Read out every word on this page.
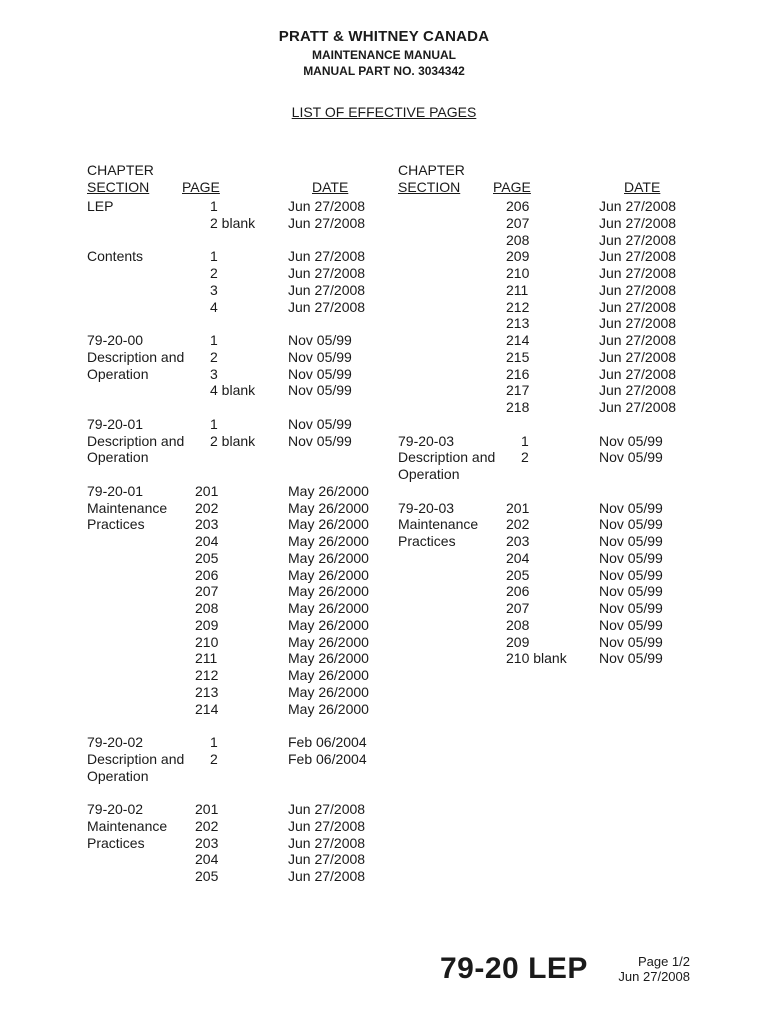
PRATT & WHITNEY CANADA
MAINTENANCE MANUAL
MANUAL PART NO. 3034342
LIST OF EFFECTIVE PAGES
CHAPTER
SECTION PAGE	DATE
LEP	1	Jun 27/2008
2 blank Jun 27/2008
Contents	1	Jun 27/2008
2	Jun 27/2008
3	Jun 27/2008
4	Jun 27/2008
79-20-00	1	Nov 05/99
Description and 2	Nov 05/99
Operation	3	Nov 05/99
4 blank Nov 05/99
79-20-01	1	Nov 05/99
Description and 2 blank Nov 05/99
Operation
79-20-01	201	May 26/2000
Maintenance 202	May 26/2000
Practices	203	May 26/2000
204	May 26/2000
205	May 26/2000
206	May 26/2000
207	May 26/2000
208	May 26/2000
209	May 26/2000
210	May 26/2000
211	May 26/2000
212	May 26/2000
213	May 26/2000
214	May 26/2000
79-20-02	1	Feb 06/2004
Description and 2	Feb 06/2004
Operation
79-20-02	201	Jun 27/2008
Maintenance 202	Jun 27/2008
Practices	203	Jun 27/2008
204	Jun 27/2008
205	Jun 27/2008
CHAPTER
SECTION PAGE	DATE
206	Jun 27/2008
207	Jun 27/2008
208	Jun 27/2008
209	Jun 27/2008
210	Jun 27/2008
211	Jun 27/2008
212	Jun 27/2008
213	Jun 27/2008
214	Jun 27/2008
215	Jun 27/2008
216	Jun 27/2008
217	Jun 27/2008
218	Jun 27/2008
79-20-03	1	Nov 05/99
Description and 2	Nov 05/99
Operation
79-20-03	201	Nov 05/99
Maintenance 202	Nov 05/99
Practices	203	Nov 05/99
204	Nov 05/99
205	Nov 05/99
206	Nov 05/99
207	Nov 05/99
208	Nov 05/99
209	Nov 05/99
210 blank Nov 05/99
79-20 LEP	Page 1/2
Jun 27/2008
